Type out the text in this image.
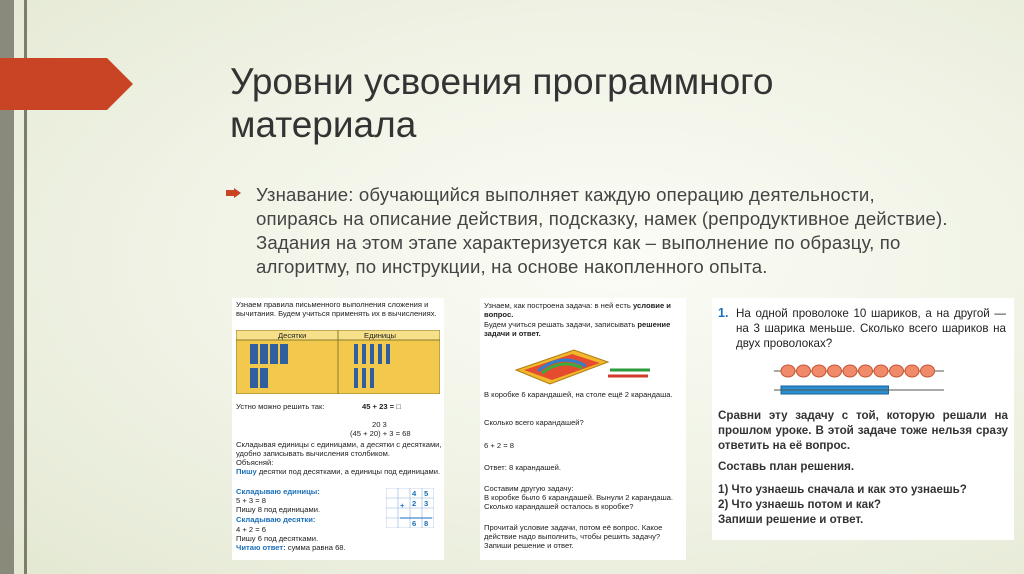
Уровни усвоения программного материала
Узнавание: обучающийся выполняет каждую операцию деятельности, опираясь на описание действия, подсказку, намек (репродуктивное действие). Задания на этом этапе характеризуется как – выполнение по образцу, по алгоритму, по инструкции, на основе накопленного опыта.
Узнаем правила письменного выполнения сложения и вычитания. Будем учиться применять их в вычислениях.
Десятки	Единицы
Устно можно решить так:	45 + 23 = □
20 3
(45 + 20) + 3 = 68
Складывая единицы с единицами, а десятки с десятками, удобно записывать вычисления столбиком.
Объясняй:
Пишу десятки под десятками, а единицы под единицами.
Складываю единицы:
5 + 3 = 8
Пишу 8 под единицами.
Складываю десятки:
4 + 2 = 6
Пишу 6 под десятками.
Читаю ответ: сумма равна 68.
+
4 5
2 3
6 8
Узнаем, как построена задача: в ней есть условие и вопрос.
Будем учиться решать задачи, записывать решение задачи и ответ.
В коробке 6 карандашей, на столе ещё 2 карандаша.
Сколько всего карандашей?
6 + 2 = 8
Ответ: 8 карандашей.
Составим другую задачу:
В коробке было 6 карандашей. Вынули 2 карандаша. Сколько карандашей осталось в коробке?
Прочитай условие задачи, потом её вопрос. Какое действие надо выполнить, чтобы решить задачу? Запиши решение и ответ.
1. На одной проволоке 10 шариков, а на другой — на 3 шарика меньше. Сколько всего шариков на двух проволоках?
Сравни эту задачу с той, которую решали на прошлом уроке. В этой задаче тоже нельзя сразу ответить на её вопрос.
Составь план решения.
1) Что узнаешь сначала и как это узнаешь?
2) Что узнаешь потом и как?
Запиши решение и ответ.
